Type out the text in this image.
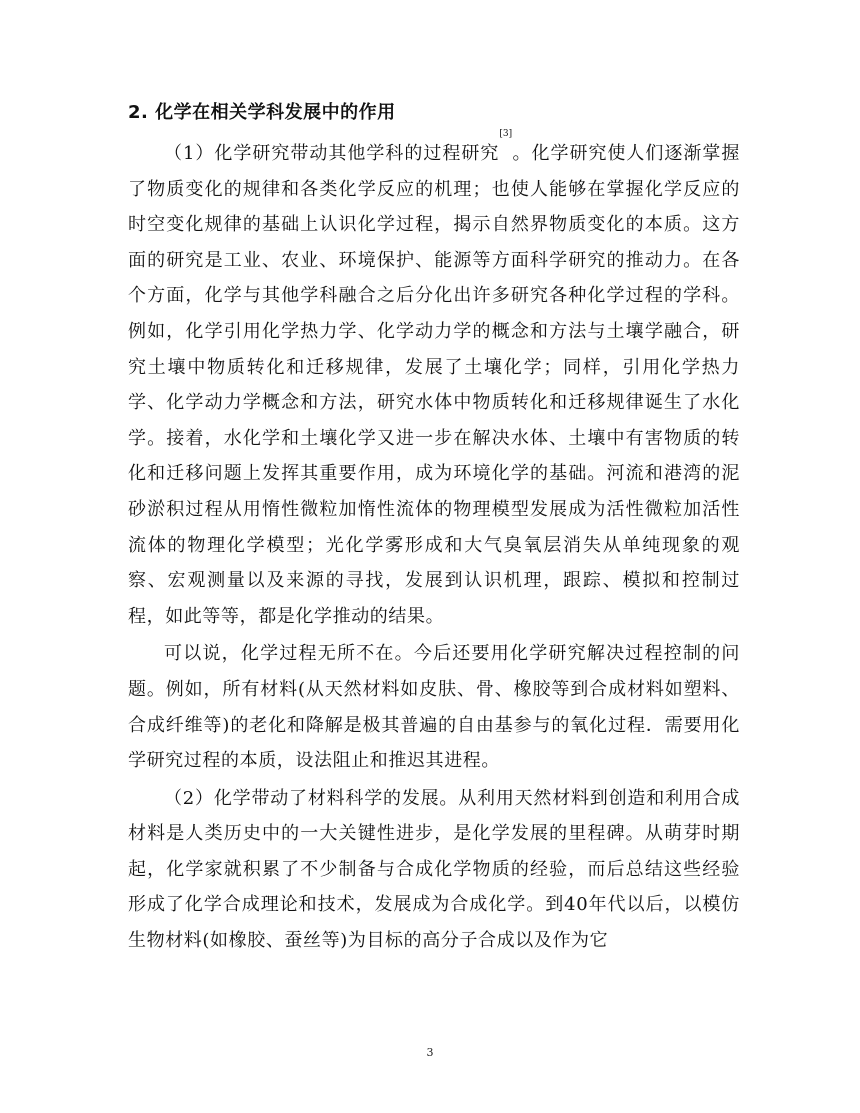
2. 化学在相关学科发展中的作用

（1）化学研究带动其他学科的过程研究[3]。化学研究使人们逐渐掌握了物质变化的规律和各类化学反应的机理；也使人能够在掌握化学反应的时空变化规律的基础上认识化学过程，揭示自然界物质变化的本质。这方面的研究是工业、农业、环境保护、能源等方面科学研究的推动力。在各个方面，化学与其他学科融合之后分化出许多研究各种化学过程的学科。例如，化学引用化学热力学、化学动力学的概念和方法与土壤学融合，研究土壤中物质转化和迁移规律，发展了土壤化学；同样，引用化学热力学、化学动力学概念和方法，研究水体中物质转化和迁移规律诞生了水化学。接着，水化学和土壤化学又进一步在解决水体、土壤中有害物质的转化和迁移问题上发挥其重要作用，成为环境化学的基础。河流和港湾的泥砂淤积过程从用惰性微粒加惰性流体的物理模型发展成为活性微粒加活性流体的物理化学模型；光化学雾形成和大气臭氧层消失从单纯现象的观察、宏观测量以及来源的寻找，发展到认识机理，跟踪、模拟和控制过程，如此等等，都是化学推动的结果。

可以说，化学过程无所不在。今后还要用化学研究解决过程控制的问题。例如，所有材料(从天然材料如皮肤、骨、橡胶等到合成材料如塑料、合成纤维等)的老化和降解是极其普遍的自由基参与的氧化过程．需要用化学研究过程的本质，设法阻止和推迟其进程。

（2）化学带动了材料科学的发展。从利用天然材料到创造和利用合成材料是人类历史中的一大关键性进步，是化学发展的里程碑。从萌芽时期起，化学家就积累了不少制备与合成化学物质的经验，而后总结这些经验形成了化学合成理论和技术，发展成为合成化学。到40年代以后，以模仿生物材料(如橡胶、蚕丝等)为目标的高分子合成以及作为它

3
